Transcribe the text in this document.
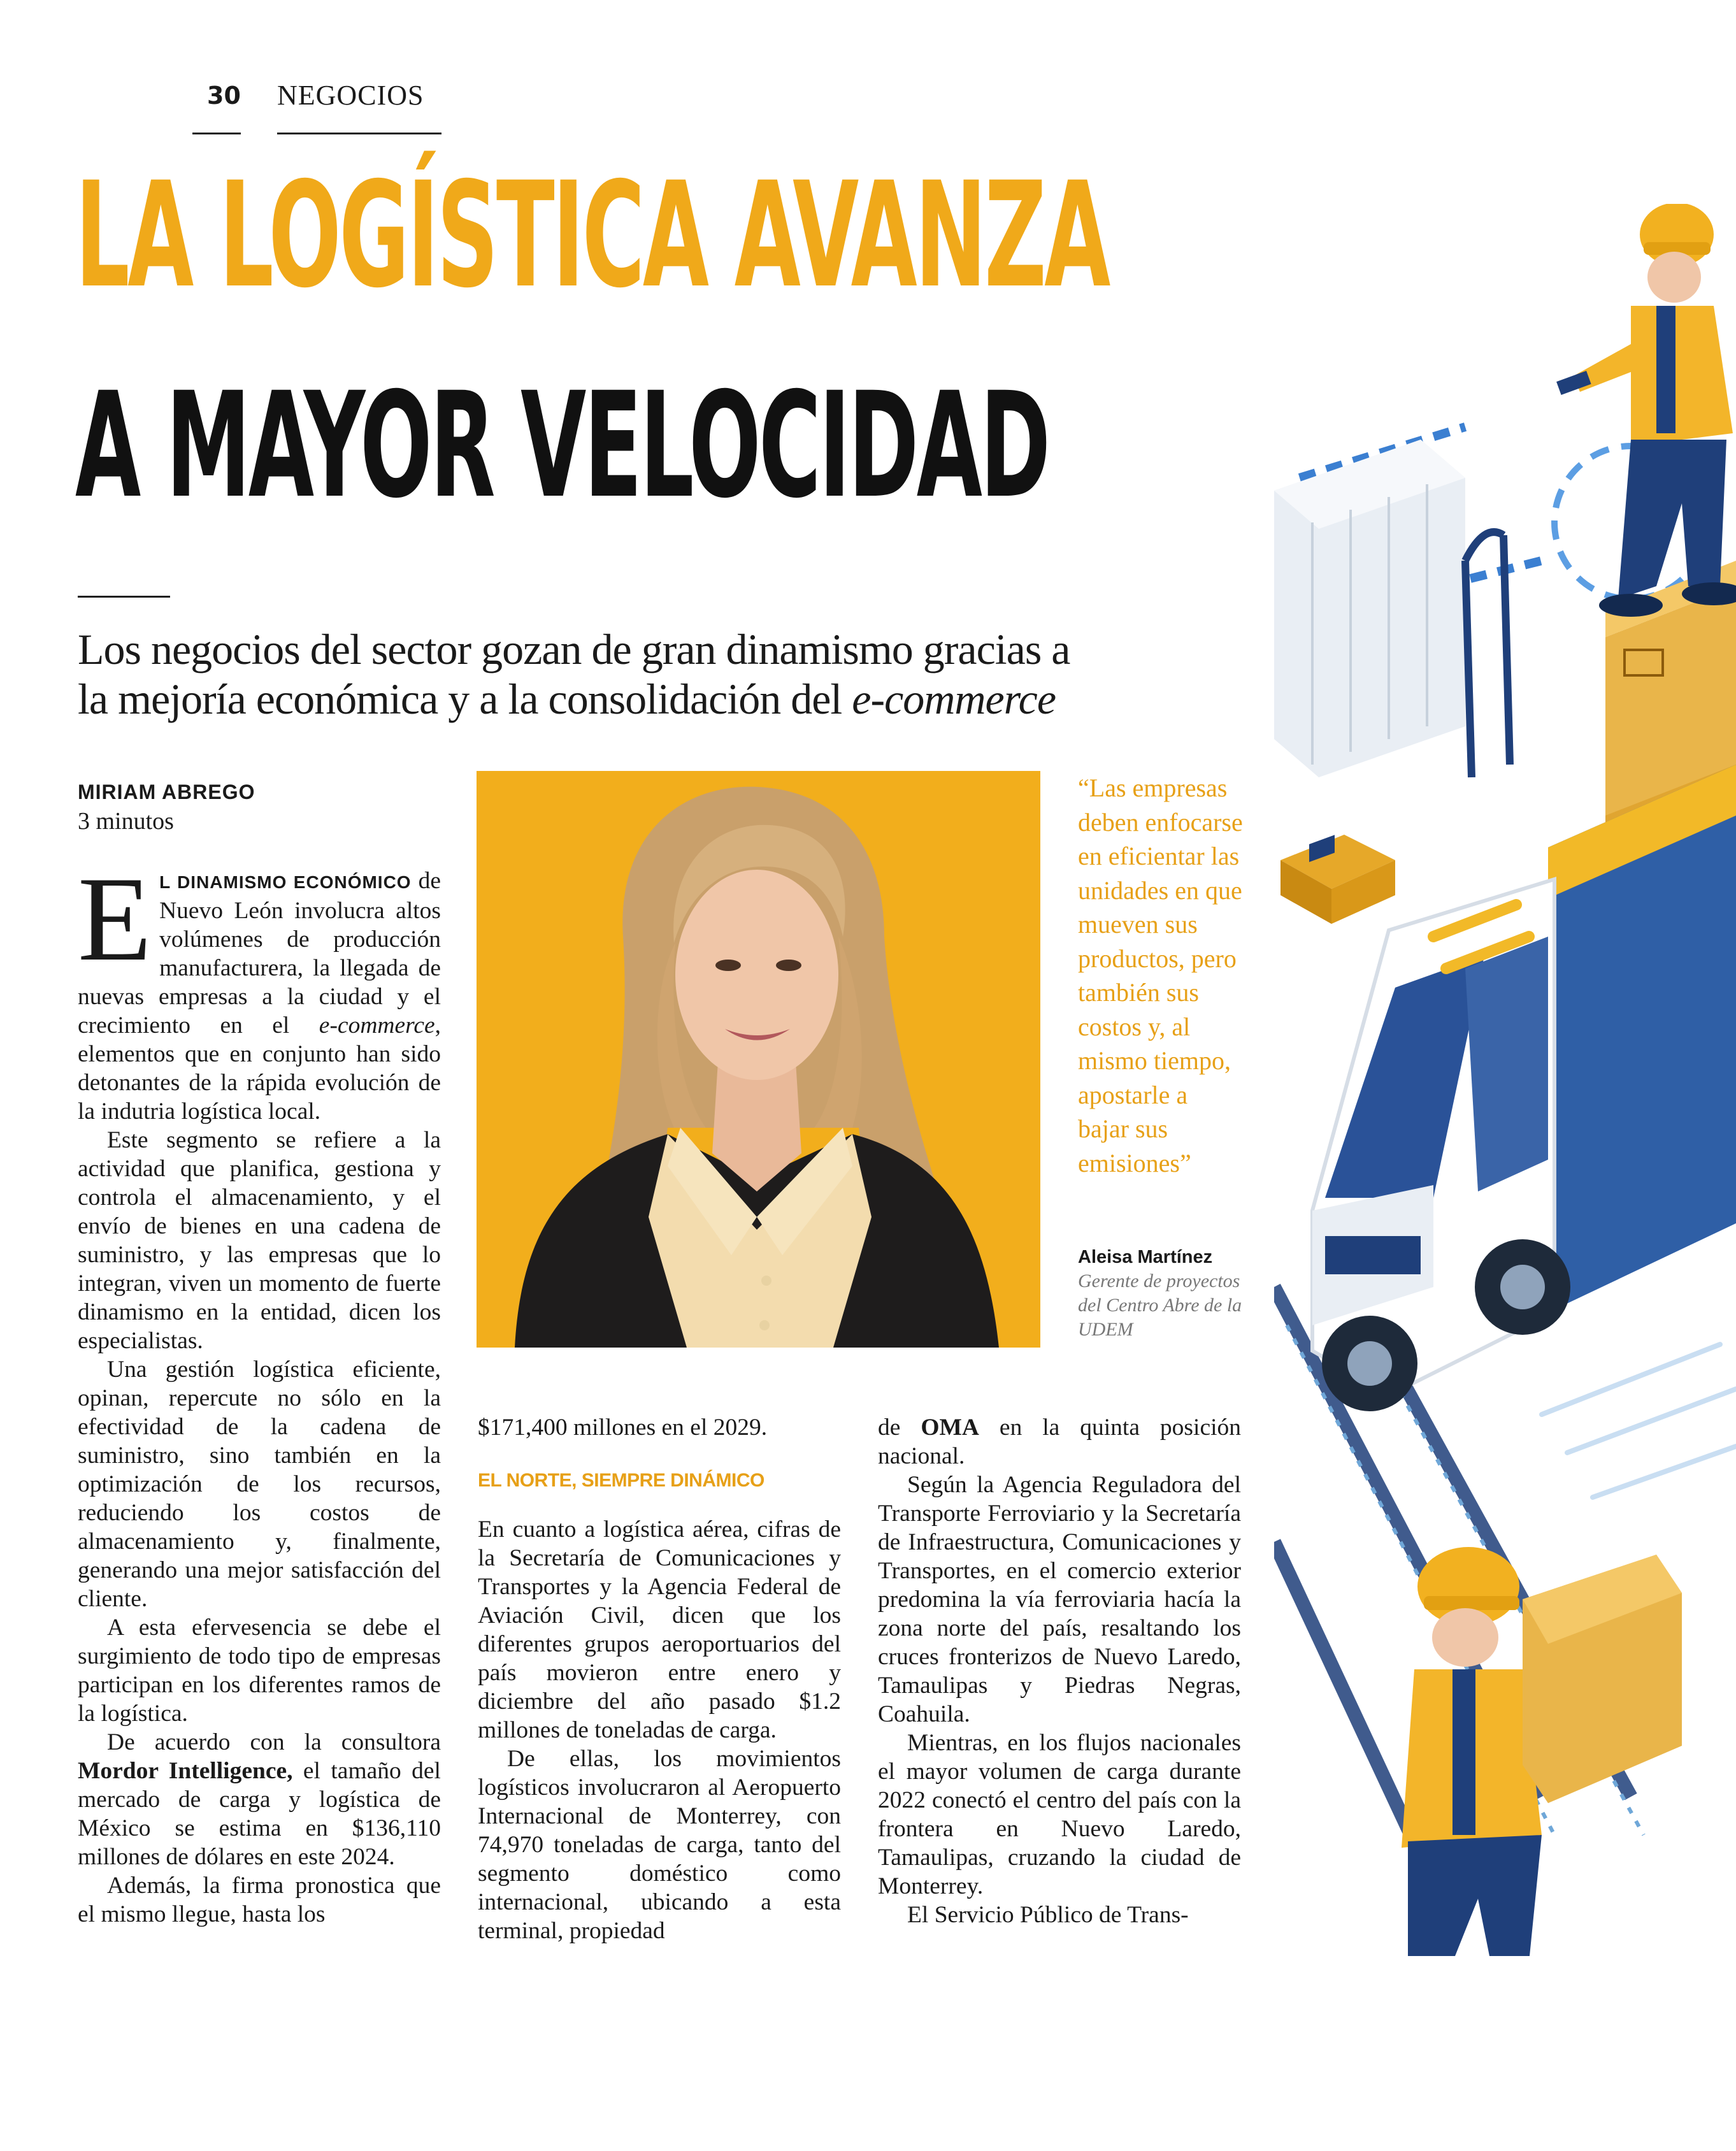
30 NEGOCIOS
LA LOGÍSTICA AVANZA
A MAYOR VELOCIDAD
Los negocios del sector gozan de gran dinamismo gracias a
la mejoría económica y a la consolidación del e-commerce
MIRIAM ABREGO
3 minutos

E L DINAMISMO ECONÓMICO de Nuevo León involucra altos volúmenes de producción manufacturera, la llegada de nuevas empresas a la ciudad y el crecimiento en el e-commerce, elementos que en conjunto han sido detonantes de la rápida evolución de la indutria logística local.

Este segmento se refiere a la actividad que planifica, gestiona y controla el almacenamiento, y el envío de bienes en una cadena de suministro, y las empresas que lo integran, viven un momento de fuerte dinamismo en la entidad, dicen los especialistas.

Una gestión logística eficiente, opinan, repercute no sólo en la efectividad de la cadena de suministro, sino también en la optimización de los recursos, reduciendo los costos de almacenamiento y, finalmente, generando una mejor satisfacción del cliente.

A esta efervesencia se debe el surgimiento de todo tipo de empresas participan en los diferentes ramos de la logística.

De acuerdo con la consultora Mordor Intelligence, el tamaño del mercado de carga y logística de México se estima en $136,110 millones de dólares en este 2024.

Además, la firma pronostica que el mismo llegue, hasta los

“Las empresas deben enfocarse en eficientar las unidades en que mueven sus productos, pero también sus costos y, al mismo tiempo, apostarle a bajar sus emisiones”
Aleisa Martínez
Gerente de proyectos del Centro Abre de la UDEM

$171,400 millones en el 2029.

EL NORTE, SIEMPRE DINÁMICO

En cuanto a logística aérea, cifras de la Secretaría de Comunicaciones y Transportes y la Agencia Federal de Aviación Civil, dicen que los diferentes grupos aeroportuarios del país movieron entre enero y diciembre del año pasado $1.2 millones de toneladas de carga.

De ellas, los movimientos logísticos involucraron al Aeropuerto Internacional de Monterrey, con 74,970 toneladas de carga, tanto del segmento doméstico como internacional, ubicando a esta terminal, propiedad

de OMA en la quinta posición nacional.

Según la Agencia Reguladora del Transporte Ferroviario y la Secretaría de Infraestructura, Comunicaciones y Transportes, en el comercio exterior predomina la vía ferroviaria hacía la zona norte del país, resaltando los cruces fronterizos de Nuevo Laredo, Tamaulipas y Piedras Negras, Coahuila.

Mientras, en los flujos nacionales el mayor volumen de carga durante 2022 conectó el centro del país con la frontera en Nuevo Laredo, Tamaulipas, cruzando la ciudad de Monterrey.

El Servicio Público de Trans-
